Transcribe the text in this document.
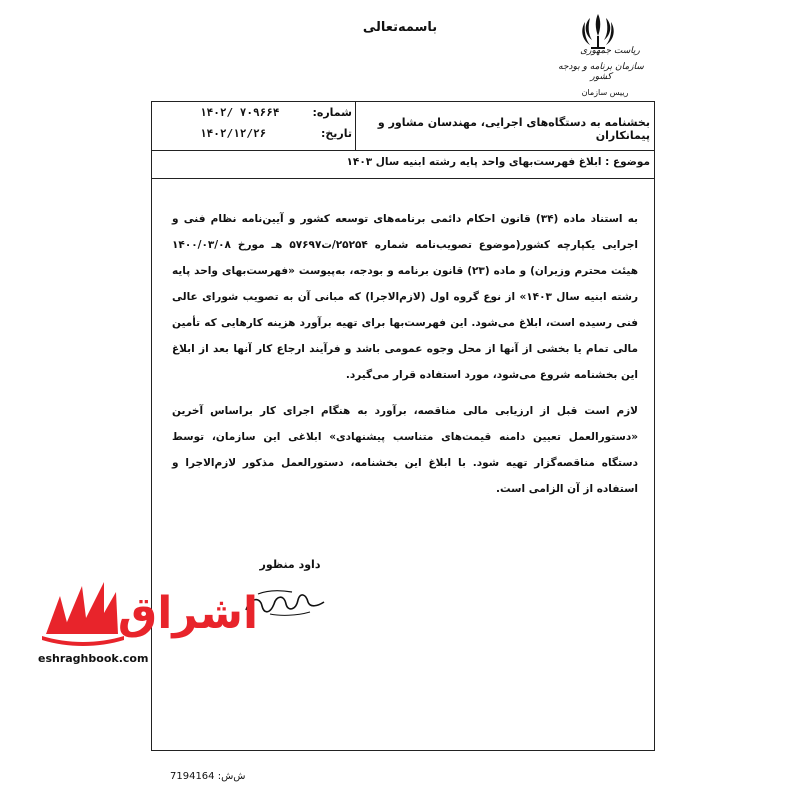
باسمه‌تعالی
ریاست جمهوری
سازمان برنامه و بودجه کشور
رییس سازمان
بخشنامه به دستگاه‌های اجرایی، مهندسان مشاور و پیمانکاران
شماره:
۱۴۰۲/ ۷۰۹۶۶۴
تاریخ:
۱۴۰۲/۱۲/۲۶
موضوع : ابلاغ فهرست‌بهای واحد پایه رشته ابنیه سال ۱۴۰۳

به استناد ماده (۳۴) قانون احکام دائمی برنامه‌های توسعه کشور و آیین‌نامه نظام فنی و اجرایی یکپارچه کشور(موضوع تصویب‌نامه شماره ۲۵۲۵۴/ت۵۷۶۹۷ هـ مورخ ۱۴۰۰/۰۳/۰۸ هیئت محترم وزیران) و ماده (۲۳) قانون برنامه و بودجه، به‌پیوست «فهرست‌بهای واحد پایه رشته ابنیه سال ۱۴۰۳» از نوع گروه اول (لازم‌الاجرا) که مبانی آن به تصویب شورای عالی فنی رسیده است، ابلاغ می‌شود. این فهرست‌بها برای تهیه برآورد هزینه کارهایی که تأمین مالی تمام یا بخشی از آنها از محل وجوه عمومی باشد و فرآیند ارجاع کار آنها بعد از ابلاغ این بخشنامه شروع می‌شود، مورد استفاده قرار می‌گیرد.

لازم است قبل از ارزیابی مالی مناقصه، برآورد به هنگام اجرای کار براساس آخرین «دستورالعمل تعیین دامنه قیمت‌های متناسب پیشنهادی» ابلاغی این سازمان، توسط دستگاه مناقصه‌گزار تهیه شود. با ابلاغ این بخشنامه، دستورالعمل مذکور لازم‌الاجرا و استفاده از آن الزامی است.

داود منظور
اشراق
eshraghbook.com
ش‌ش: 7194164
